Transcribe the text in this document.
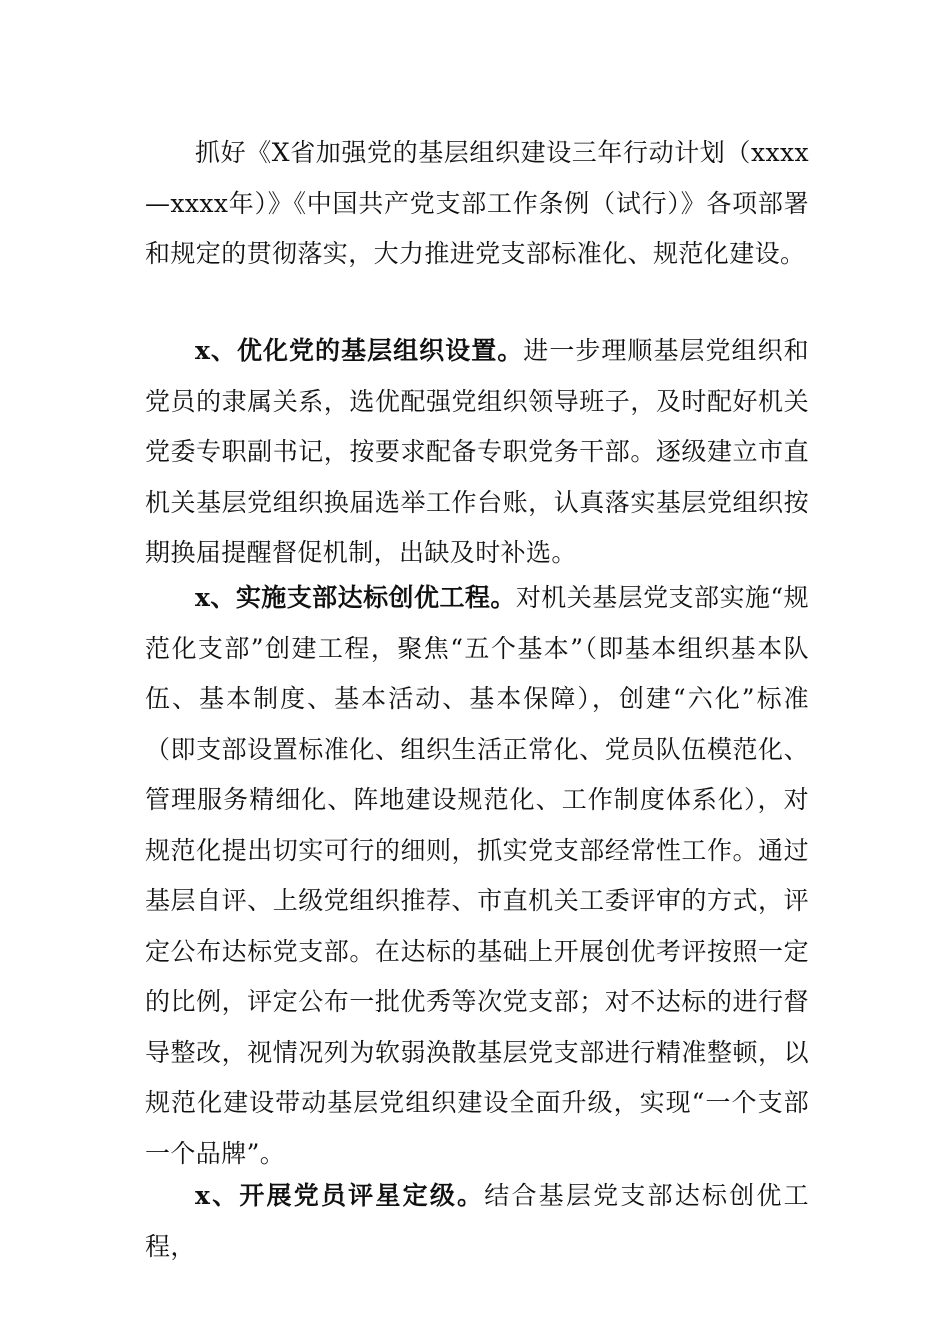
抓好《X省加强党的基层组织建设三年行动计划（xxxx—xxxx年）》《中国共产党支部工作条例（试行）》各项部署和规定的贯彻落实，大力推进党支部标准化、规范化建设。

x、优化党的基层组织设置。进一步理顺基层党组织和党员的隶属关系，选优配强党组织领导班子，及时配好机关党委专职副书记，按要求配备专职党务干部。逐级建立市直机关基层党组织换届选举工作台账，认真落实基层党组织按期换届提醒督促机制，出缺及时补选。

x、实施支部达标创优工程。对机关基层党支部实施“规范化支部”创建工程，聚焦“五个基本”（即基本组织基本队伍、基本制度、基本活动、基本保障），创建“六化”标准（即支部设置标准化、组织生活正常化、党员队伍模范化、管理服务精细化、阵地建设规范化、工作制度体系化），对规范化提出切实可行的细则，抓实党支部经常性工作。通过基层自评、上级党组织推荐、市直机关工委评审的方式，评定公布达标党支部。在达标的基础上开展创优考评按照一定的比例，评定公布一批优秀等次党支部；对不达标的进行督导整改，视情况列为软弱涣散基层党支部进行精准整顿，以规范化建设带动基层党组织建设全面升级，实现“一个支部一个品牌”。

x、开展党员评星定级。结合基层党支部达标创优工程，
